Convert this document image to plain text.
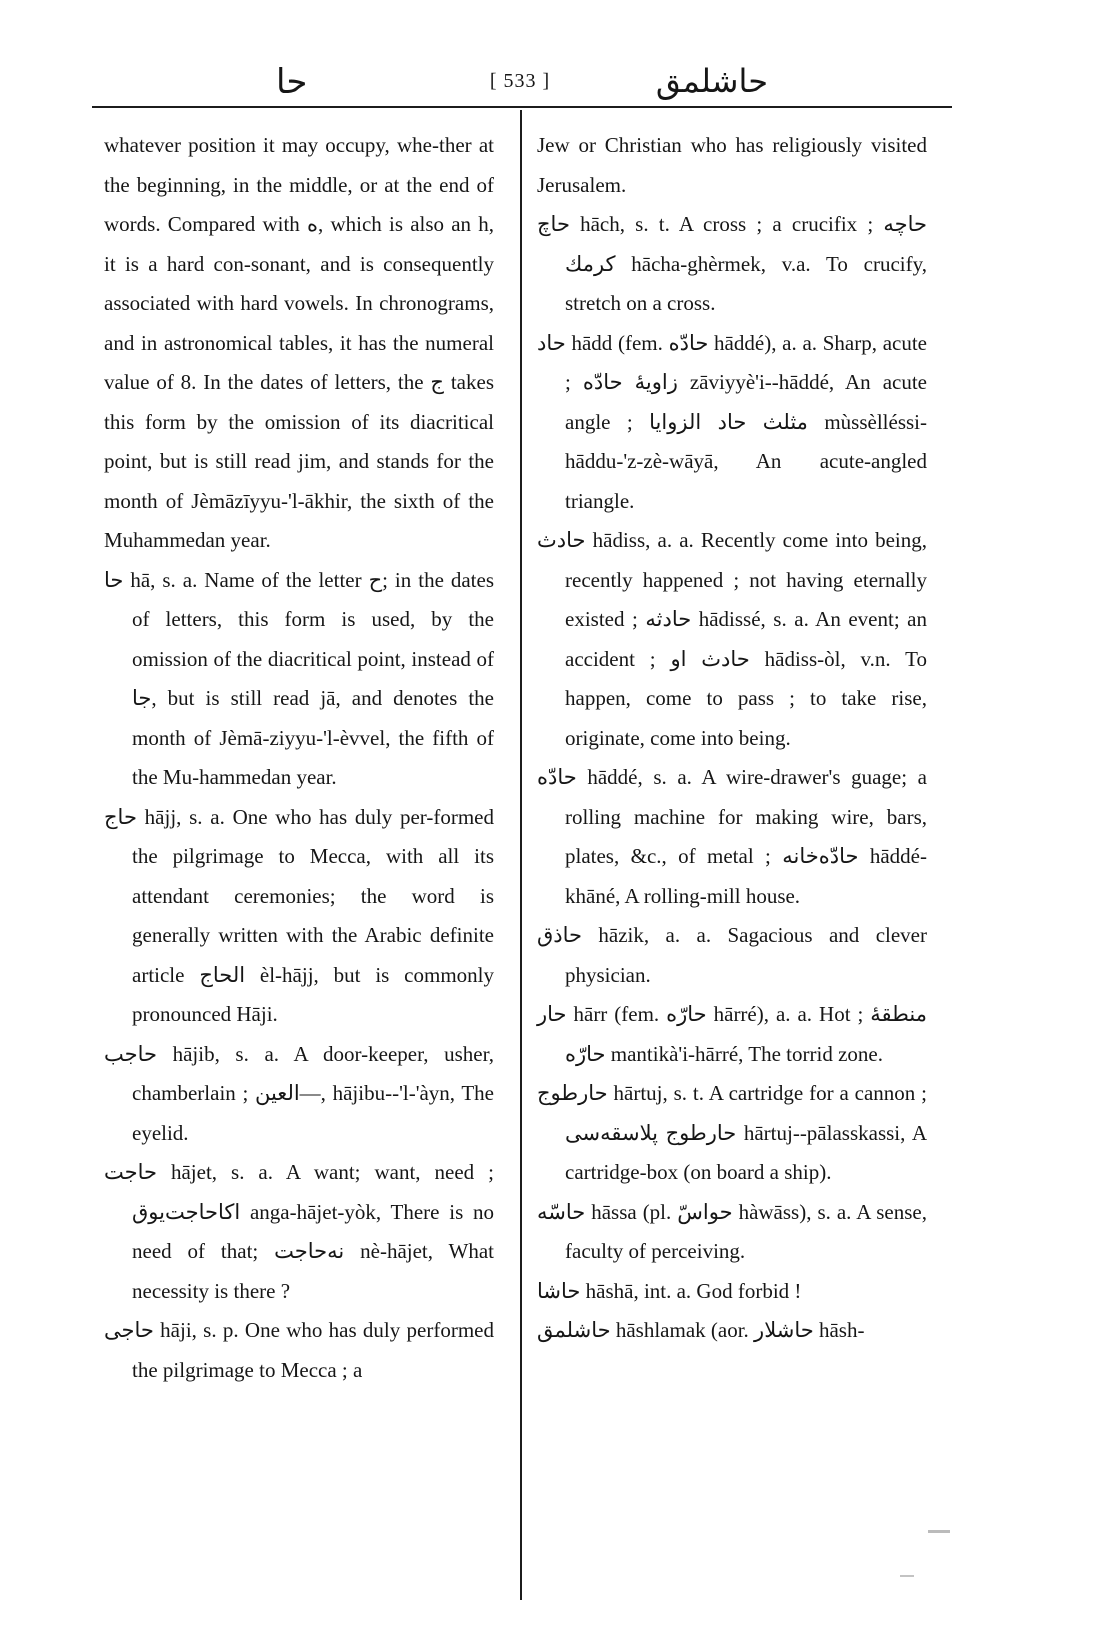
حا	[ 533 ]	حاشلمق

whatever position it may occupy, whe-ther at the beginning, in the middle, or at the end of words. Compared with ه, which is also an h, it is a hard con-sonant, and is consequently associated with hard vowels. In chronograms, and in astronomical tables, it has the numeral value of 8. In the dates of letters, the ج takes this form by the omission of its diacritical point, but is still read jim, and stands for the month of Jèmāzīyyu-'l-ākhir, the sixth of the Muhammedan year.

حا hā, s. a. Name of the letter ح; in the dates of letters, this form is used, by the omission of the diacritical point, instead of جا, but is still read jā, and denotes the month of Jèmā-ziyyu-'l-èvvel, the fifth of the Mu-hammedan year.

حاج hājj, s. a. One who has duly per-formed the pilgrimage to Mecca, with all its attendant ceremonies; the word is generally written with the Arabic definite article الحاج èl-hājj, but is commonly pronounced Hāji.

حاجب hājib, s. a. A door-keeper, usher, chamberlain ; العين—, hājibu--'l-'àyn, The eyelid.

حاجت hājet, s. a. A want; want, need ; اكاحاجت‌يوق anga-hājet-yòk, There is no need of that; نه‌حاجت nè-hājet, What necessity is there ?

حاجى hāji, s. p. One who has duly performed the pilgrimage to Mecca ; a

Jew or Christian who has religiously visited Jerusalem.

حاچ hāch, s. t. A cross ; a crucifix ; حاچه كرمك hācha-ghèrmek, v.a. To crucify, stretch on a cross.

حاد hādd (fem. حادّه hāddé), a. a. Sharp, acute ; زاويهٔ حادّه zāviyyè'i--hāddé, An acute angle ; مثلث حاد الزوايا mùssèlléssi-hāddu-'z-zè-wāyā, An acute-angled triangle.

حادث hādiss, a. a. Recently come into being, recently happened ; not having eternally existed ; حادثه hādissé, s. a. An event; an accident ; حادث او hādiss-òl, v.n. To happen, come to pass ; to take rise, originate, come into being.

حادّه hāddé, s. a. A wire-drawer's guage; a rolling machine for making wire, bars, plates, &c., of metal ; حادّه‌خانه hāddé-khāné, A rolling-mill house.

حاذق hāzik, a. a. Sagacious and clever physician.

حار hārr (fem. حارّه hārré), a. a. Hot ; منطقهٔ حارّه mantikà'i-hārré, The torrid zone.

حارطوج hārtuj, s. t. A cartridge for a cannon ; حارطوج پلاسقه‌سى hārtuj--pālasskassi, A cartridge-box (on board a ship).

حاسّه hāssa (pl. حواسّ hàwāss), s. a. A sense, faculty of perceiving.

حاشا hāshā, int. a. God forbid !

حاشلمق hāshlamak (aor. حاشلار hāsh-
